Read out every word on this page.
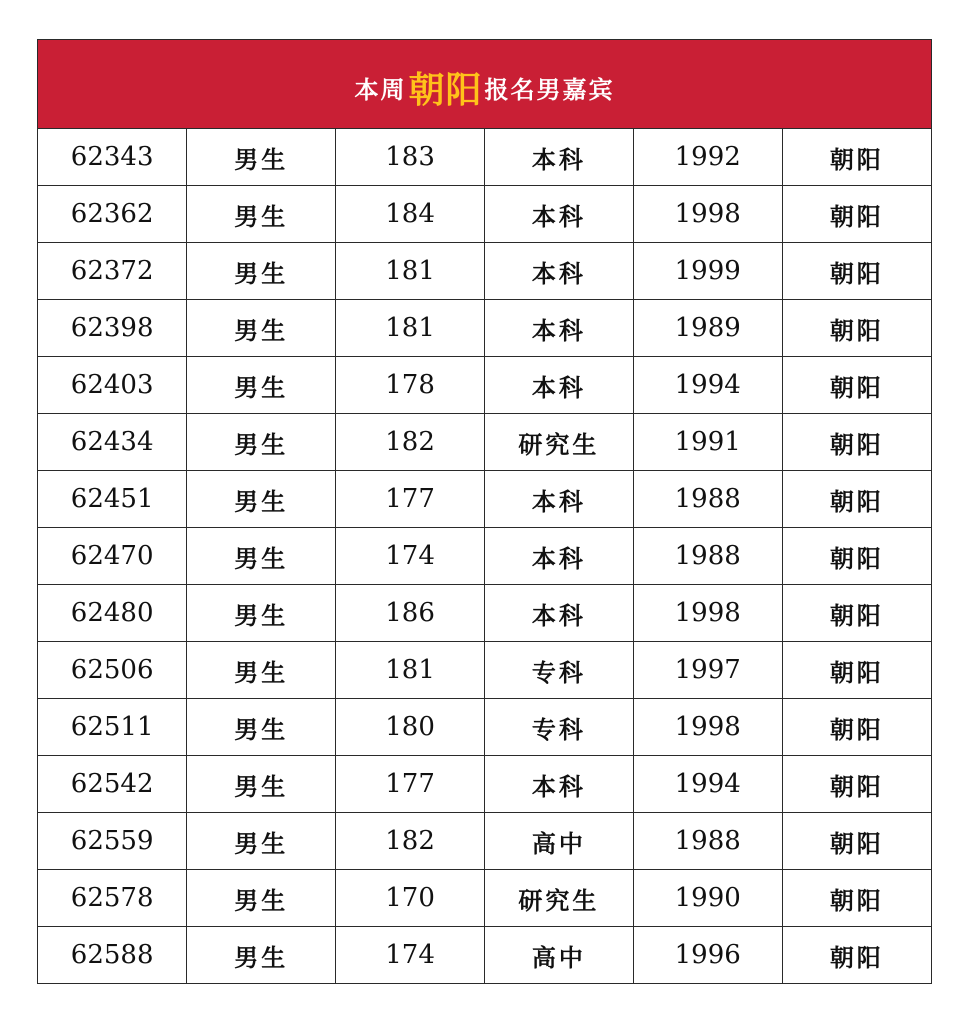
本周 朝阳 报名男嘉宾
62343	男生	183	本科	1992	朝阳
62362	男生	184	本科	1998	朝阳
62372	男生	181	本科	1999	朝阳
62398	男生	181	本科	1989	朝阳
62403	男生	178	本科	1994	朝阳
62434	男生	182	研究生	1991	朝阳
62451	男生	177	本科	1988	朝阳
62470	男生	174	本科	1988	朝阳
62480	男生	186	本科	1998	朝阳
62506	男生	181	专科	1997	朝阳
62511	男生	180	专科	1998	朝阳
62542	男生	177	本科	1994	朝阳
62559	男生	182	高中	1988	朝阳
62578	男生	170	研究生	1990	朝阳
62588	男生	174	高中	1996	朝阳
